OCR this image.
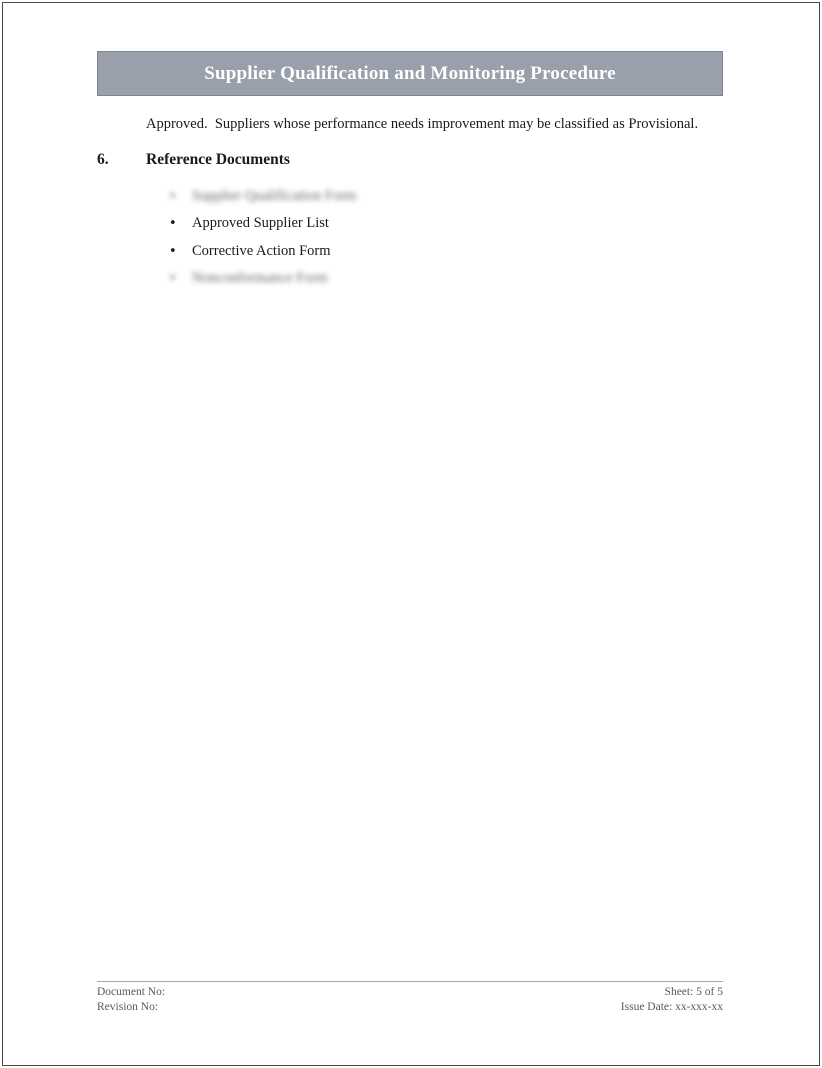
Supplier Qualification and Monitoring Procedure

Approved.  Suppliers whose performance needs improvement may be classified as Provisional.

6.	Reference Documents
•	Supplier Qualification Form
•	Approved Supplier List
•	Corrective Action Form
•	Nonconformance Form
Document No:
Revision No:
Sheet: 5 of 5
Issue Date: xx-xxx-xx
